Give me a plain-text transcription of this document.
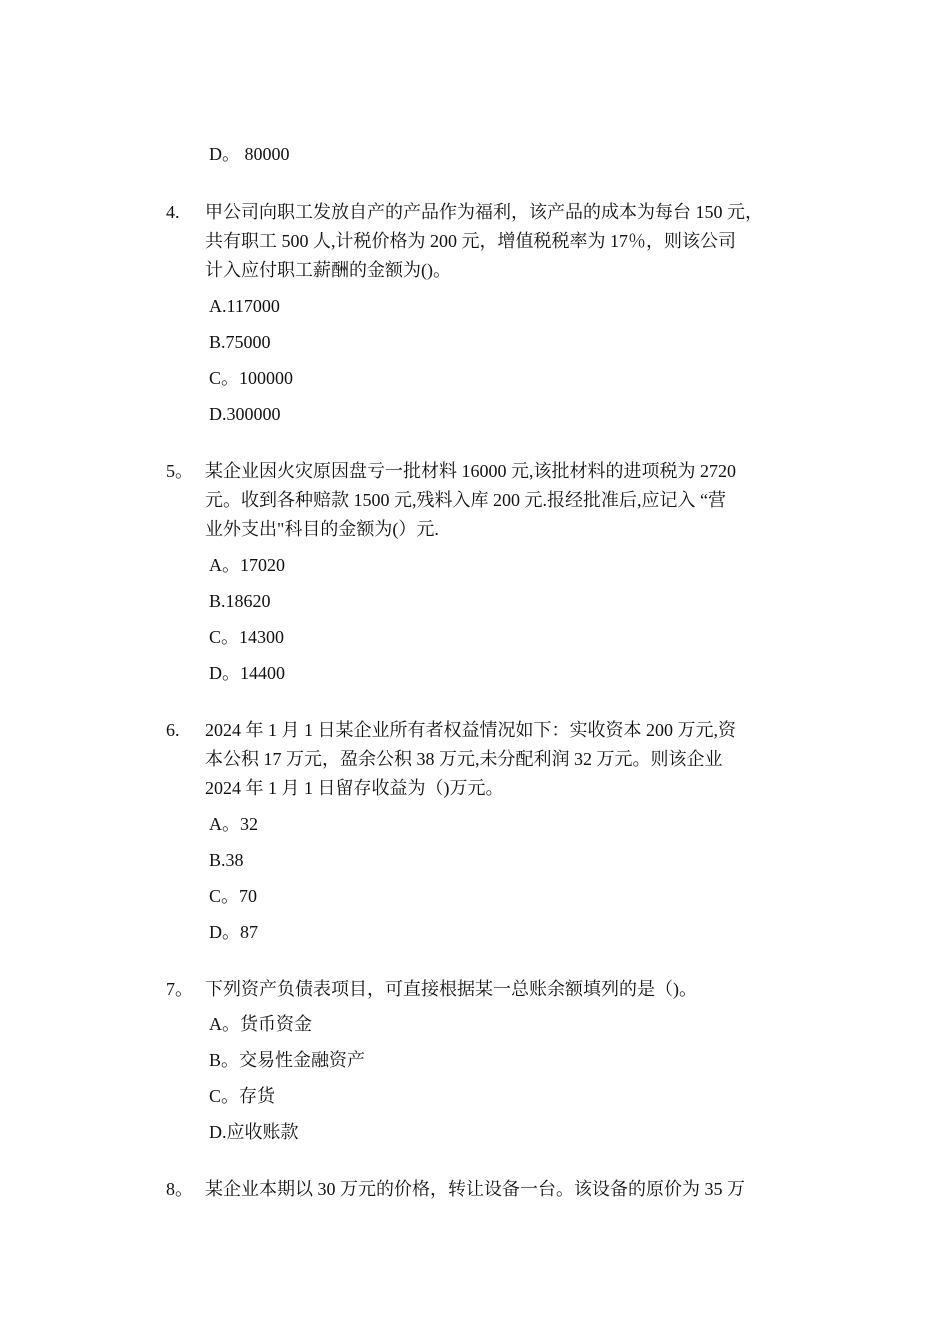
D。 80000
4. 甲公司向职工发放自产的产品作为福利，该产品的成本为每台 150 元，
共有职工 500 人,计税价格为 200 元，增值税税率为 17％，则该公司
计入应付职工薪酬的金额为()。
A.117000
B.75000
C。100000
D.300000
5。 某企业因火灾原因盘亏一批材料 16000 元,该批材料的进项税为 2720
元。收到各种赔款 1500 元,残料入库 200 元.报经批准后,应记入 “营
业外支出"科目的金额为(）元.
A。17020
B.18620
C。14300
D。14400
6. 2024 年 1 月 1 日某企业所有者权益情况如下：实收资本 200 万元,资
本公积 17 万元，盈余公积 38 万元,未分配利润 32 万元。则该企业
2024 年 1 月 1 日留存收益为（)万元。
A。32
B.38
C。70
D。87
7。 下列资产负债表项目，可直接根据某一总账余额填列的是（)。
A。货币资金
B。交易性金融资产
C。存货
D.应收账款
8。 某企业本期以 30 万元的价格，转让设备一台。该设备的原价为 35 万
